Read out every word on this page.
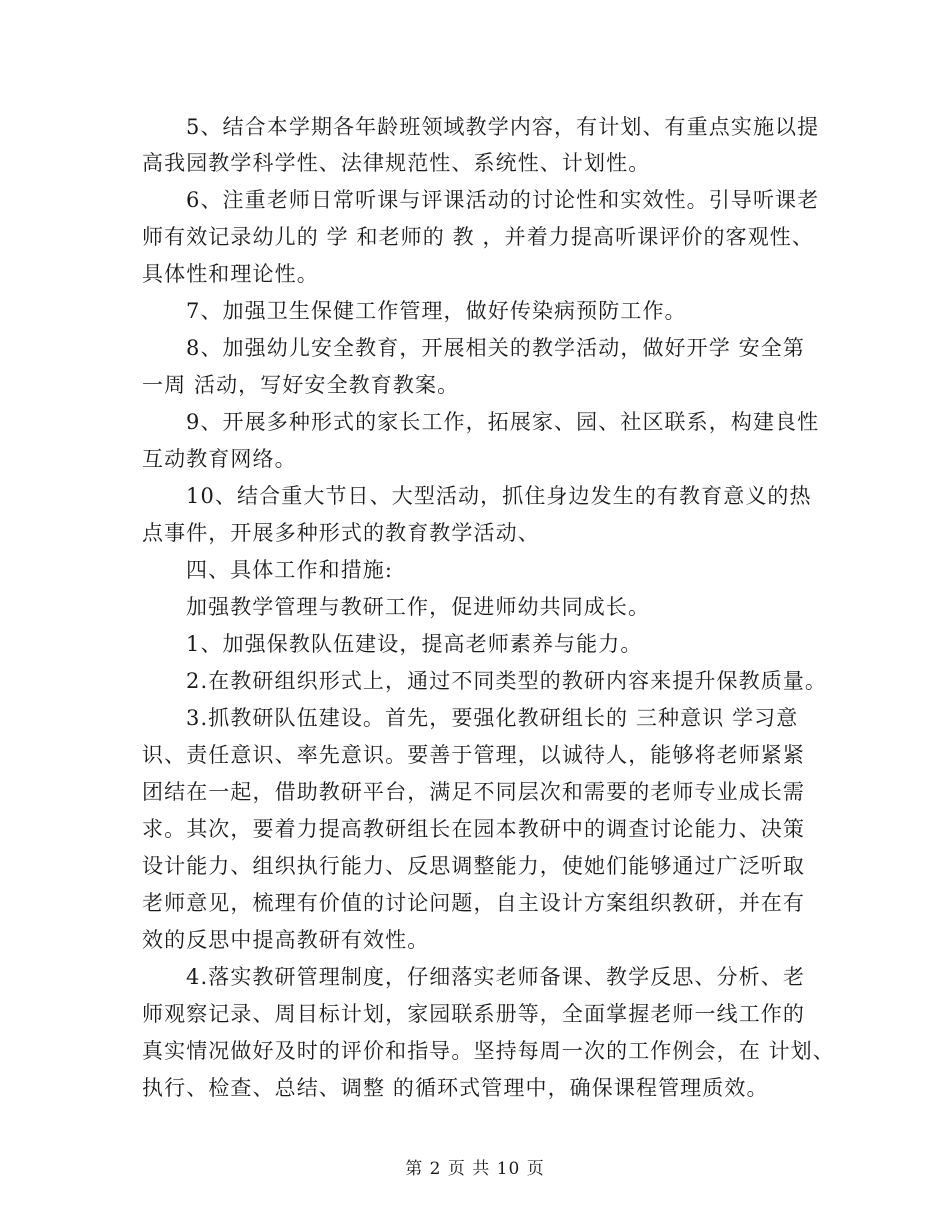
5、结合本学期各年龄班领域教学内容，有计划、有重点实施以提
高我园教学科学性、法律规范性、系统性、计划性。
6、注重老师日常听课与评课活动的讨论性和实效性。引导听课老
师有效记录幼儿的 学 和老师的 教 ，并着力提高听课评价的客观性、
具体性和理论性。
7、加强卫生保健工作管理，做好传染病预防工作。
8、加强幼儿安全教育，开展相关的教学活动，做好开学 安全第
一周 活动，写好安全教育教案。
9、开展多种形式的家长工作，拓展家、园、社区联系，构建良性
互动教育网络。
10、结合重大节日、大型活动，抓住身边发生的有教育意义的热
点事件，开展多种形式的教育教学活动、
四、具体工作和措施:
加强教学管理与教研工作，促进师幼共同成长。
1、加强保教队伍建设，提高老师素养与能力。
2.在教研组织形式上，通过不同类型的教研内容来提升保教质量。
3.抓教研队伍建设。首先，要强化教研组长的 三种意识 学习意
识、责任意识、率先意识。要善于管理，以诚待人，能够将老师紧紧
团结在一起，借助教研平台，满足不同层次和需要的老师专业成长需
求。其次，要着力提高教研组长在园本教研中的调查讨论能力、决策
设计能力、组织执行能力、反思调整能力，使她们能够通过广泛听取
老师意见，梳理有价值的讨论问题，自主设计方案组织教研，并在有
效的反思中提高教研有效性。
4.落实教研管理制度，仔细落实老师备课、教学反思、分析、老
师观察记录、周目标计划，家园联系册等，全面掌握老师一线工作的
真实情况做好及时的评价和指导。坚持每周一次的工作例会，在 计划、
执行、检查、总结、调整 的循环式管理中，确保课程管理质效。
第 2 页 共 10 页
